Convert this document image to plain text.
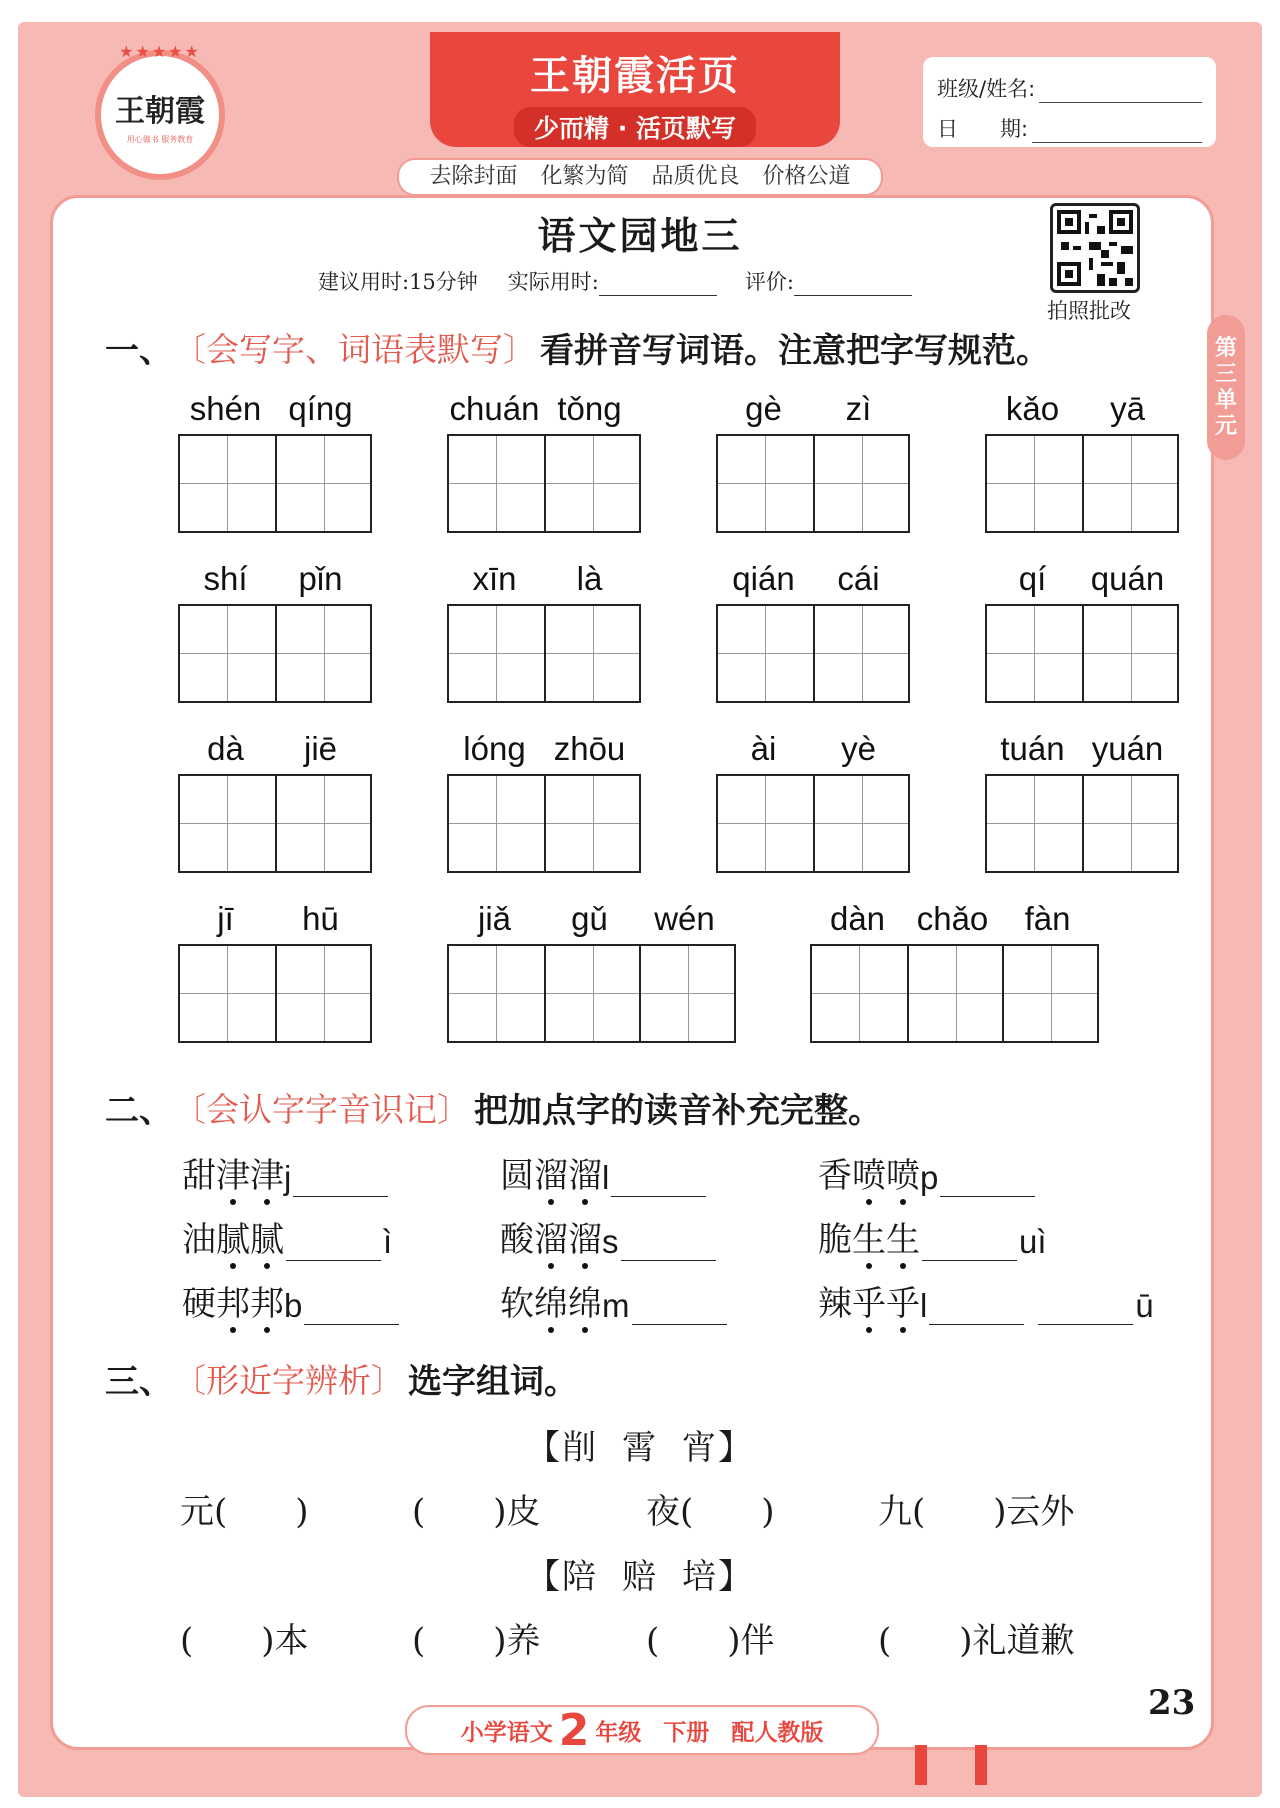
★★★★★
王朝霞
用心做书 服务教育
王朝霞活页
少而精 · 活页默写
去除封面 化繁为简 品质优良 价格公道
班级/姓名:
日　　期:
语文园地三
建议用时:15分钟 实际用时:	评价:
拍照批改
第
三
单
元
一、 〔会写字、词语表默写〕 看拼音写词语。注意把字写规范。
shén qíng	chuán tǒng	gè	zì	kǎo	yā
shí	pǐn	xīn	là	qián	cái	qí	quán
dà	jiē	lóng zhōu	ài	yè	tuán yuán
jī	hū	jiǎ	gǔ	wén	dàn chǎo	fàn
二、 〔会认字字音识记〕 把加点字的读音补充完整。
甜津津 j	圆溜溜 l	香喷喷 p
油腻腻	ì	酸溜溜 s	脆生生	uì
硬邦邦 b	软绵绵 m	辣乎乎 l	ū
三、 〔形近字辨析〕 选字组词。
【削 霄 宵】
元(　　)	(　　)皮	夜(　　)	九(　　)云外
【陪 赔 培】
(　　)本	(　　)养	(　　)伴	(　　)礼道歉
23
小学语文 2 年级 下册 配人教版
